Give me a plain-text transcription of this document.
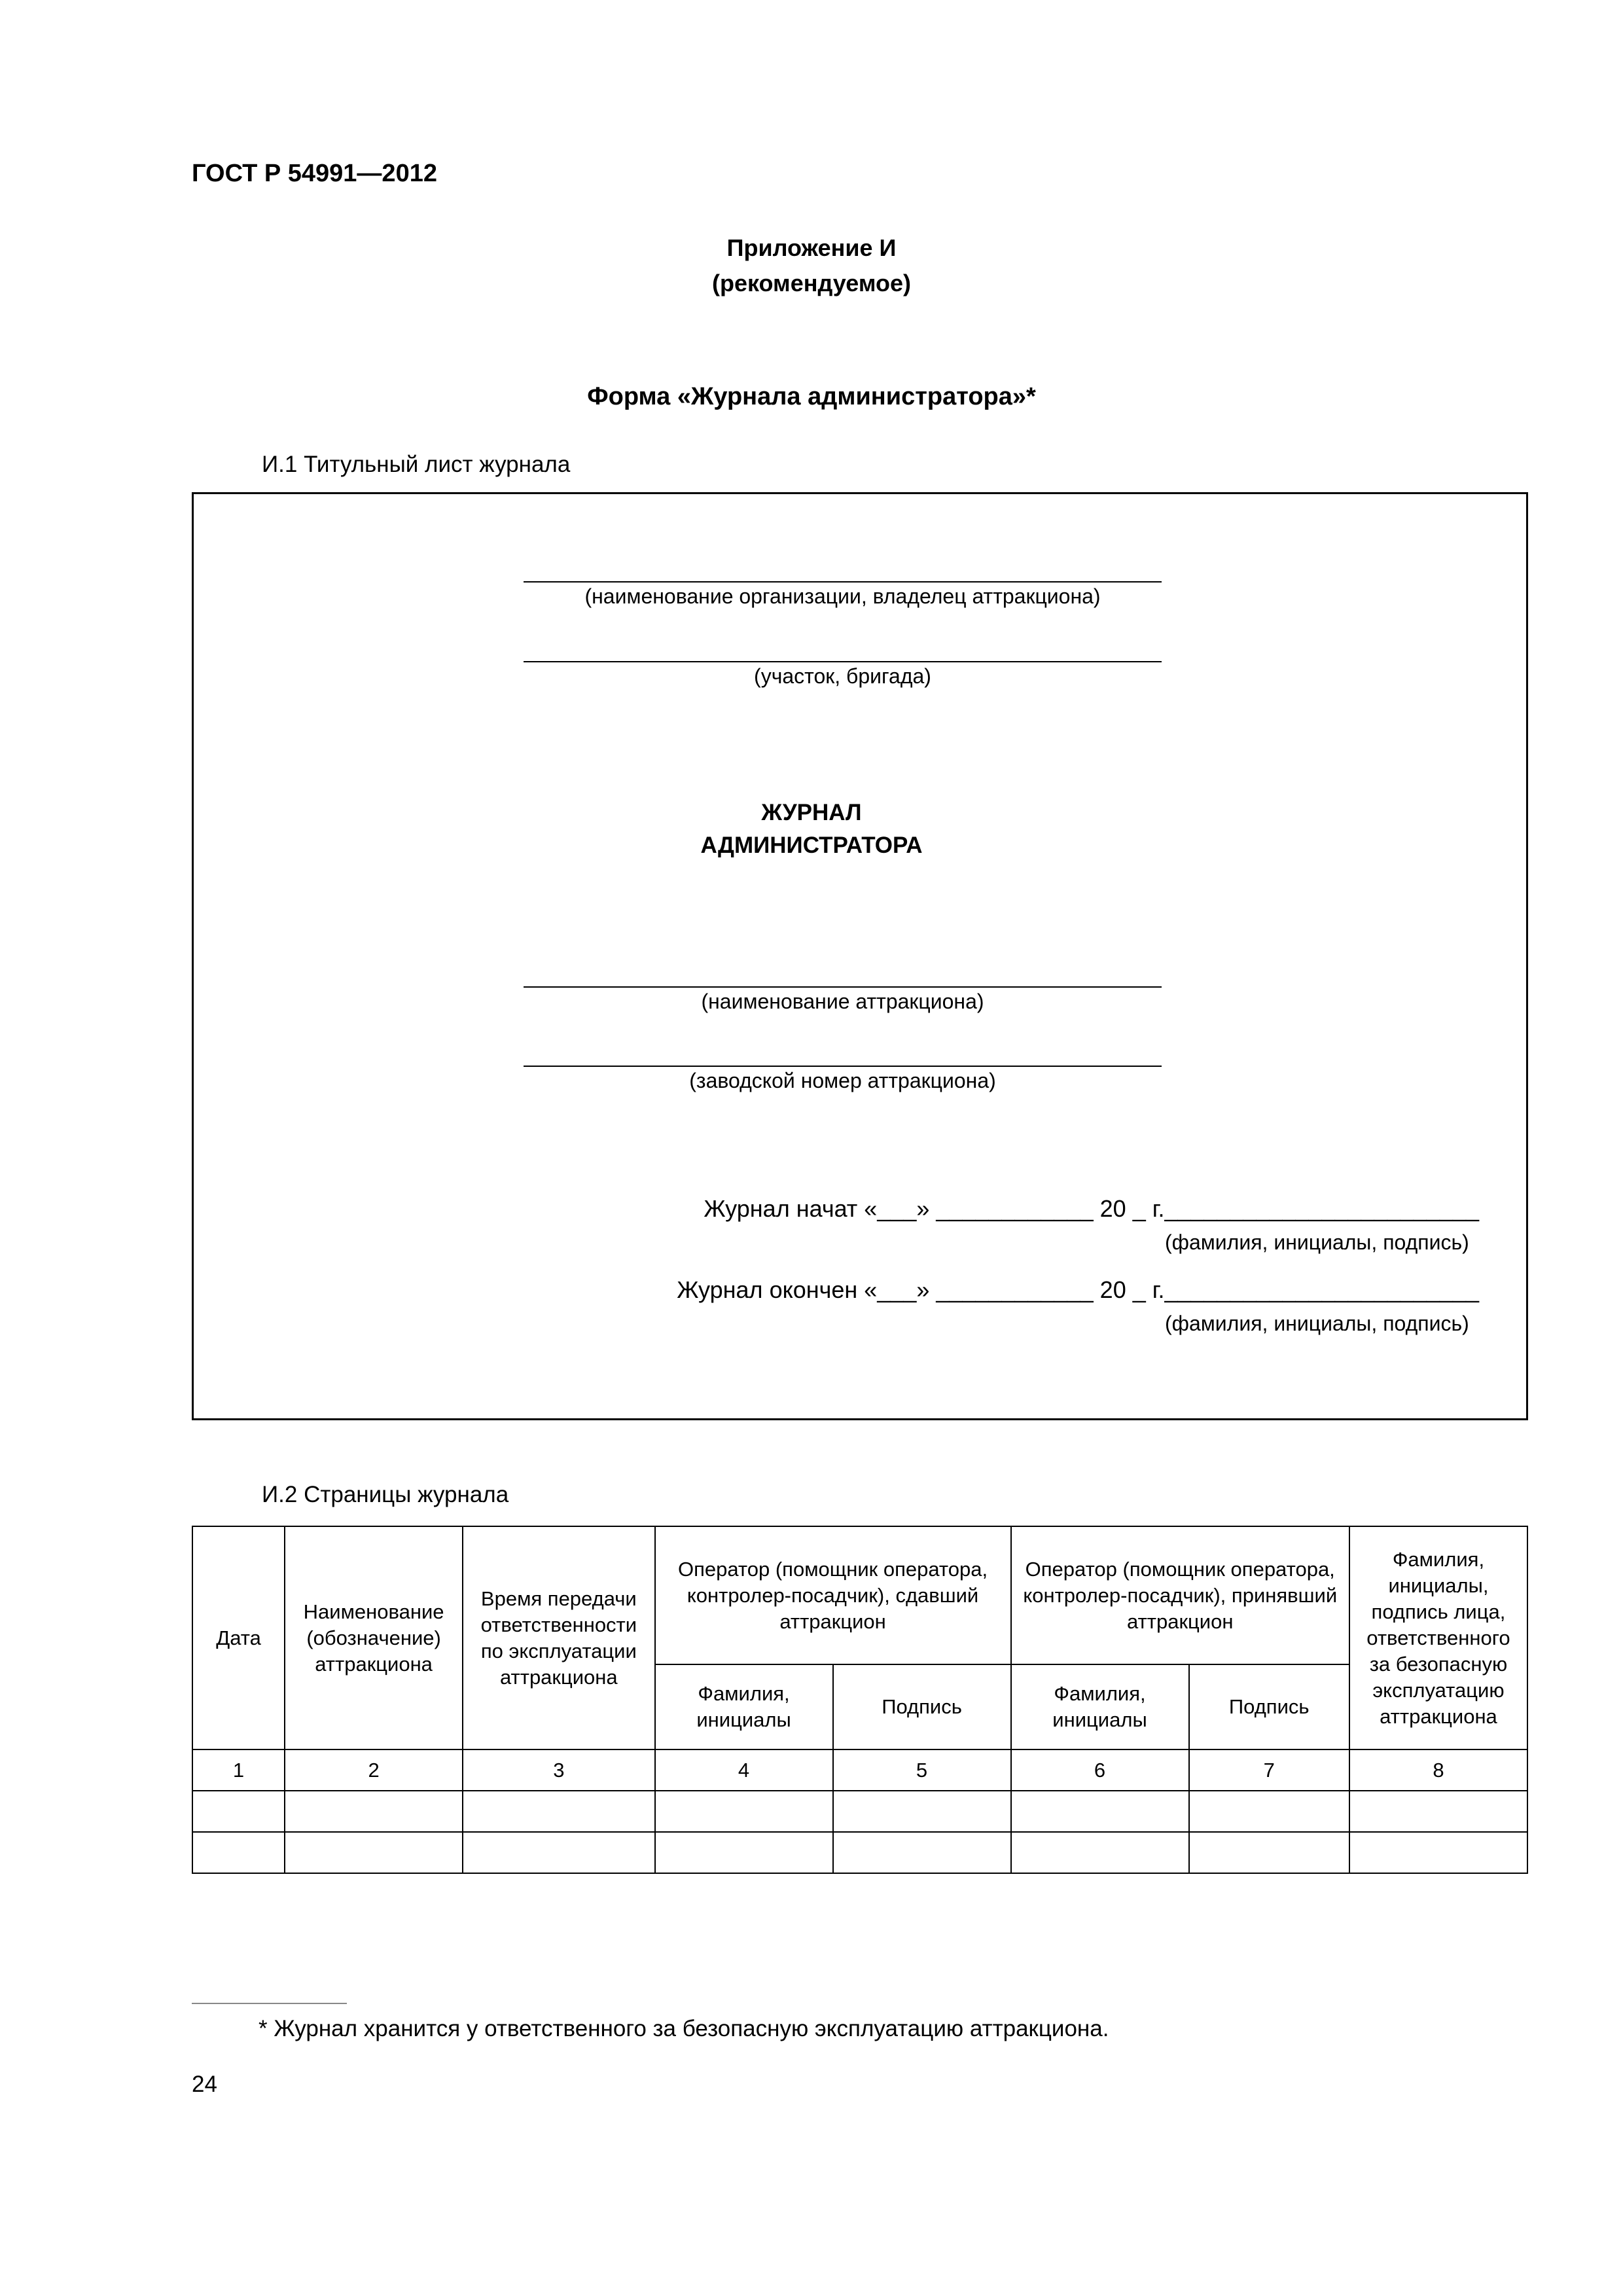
ГОСТ Р 54991—2012
Приложение И
(рекомендуемое)
Форма «Журнала администратора»*
И.1 Титульный лист журнала
(наименование организации, владелец аттракциона)
(участок, бригада)
ЖУРНАЛ
АДМИНИСТРАТОРА
(наименование аттракциона)
(заводской номер аттракциона)
Журнал начат «___» ____________ 20 _ г.________________________
(фамилия, инициалы, подпись)
Журнал окончен «___» ____________ 20 _ г.________________________
(фамилия, инициалы, подпись)
И.2 Страницы журнала
Дата	Наименование (обозначение) аттракциона	Время передачи ответственности по эксплуатации аттракциона	Оператор (помощник оператора, контролер-посадчик), сдавший аттракцион		Оператор (помощник оператора, контролер-посадчик), принявший аттракцион		Фамилия, инициалы, подпись лица, ответственного за безопасную эксплуатацию аттракциона
			Фамилия, инициалы	Подпись	Фамилия, инициалы	Подпись	
1	2	3	4	5	6	7	8

* Журнал хранится у ответственного за безопасную эксплуатацию аттракциона.
24
